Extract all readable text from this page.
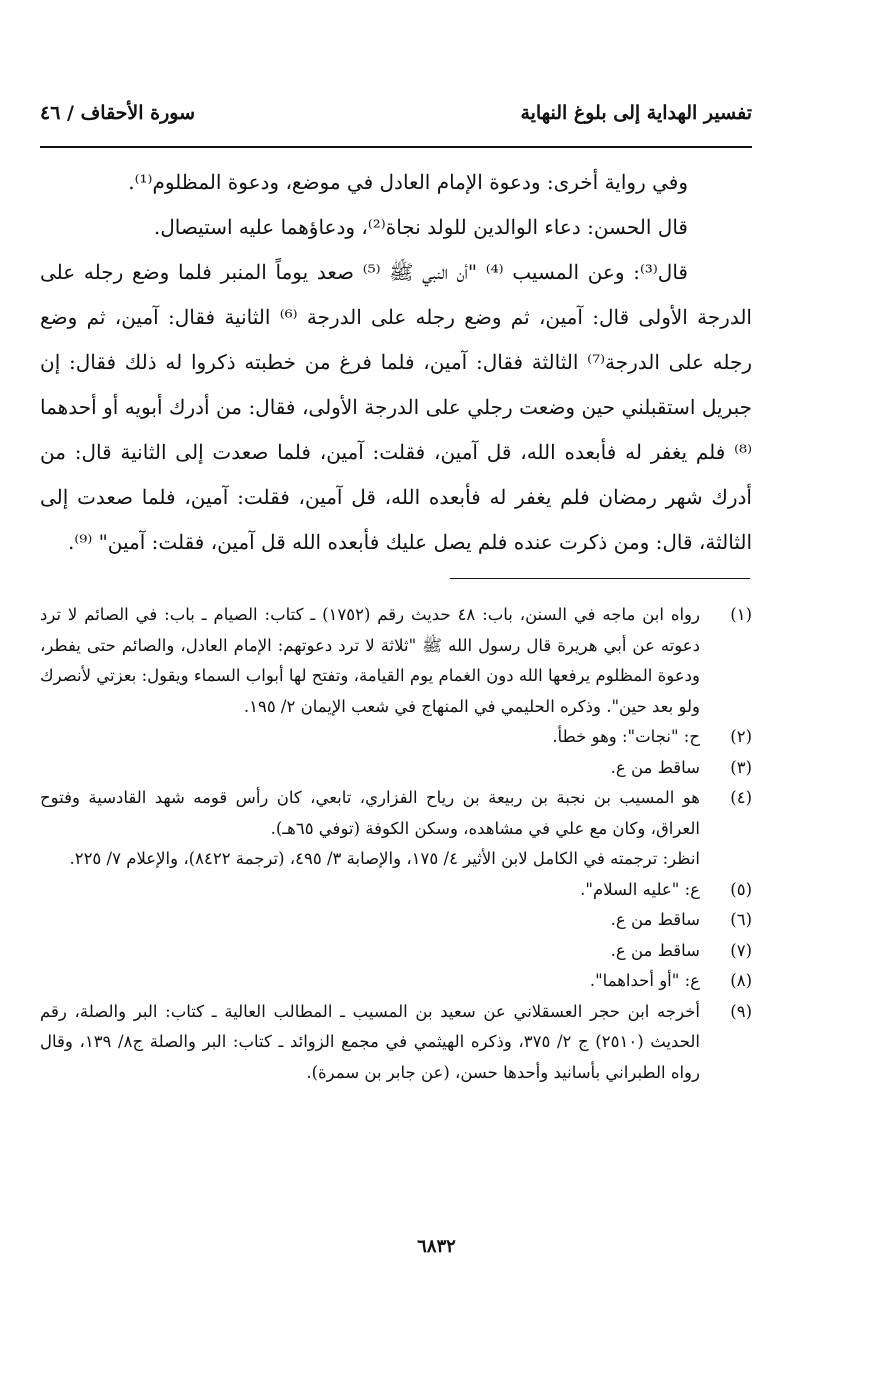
تفسير الهداية إلى بلوغ النهاية
سورة الأحقاف / ٤٦

وفي رواية أخرى: ودعوة الإمام العادل في موضع، ودعوة المظلوم⁽¹⁾.

قال الحسن: دعاء الوالدين للولد نجاة⁽²⁾، ودعاؤهما عليه استيصال.

قال⁽³⁾: وعن المسيب ⁽⁴⁾ "أن النبي ﷺ ⁽⁵⁾ صعد يوماً المنبر فلما وضع رجله على الدرجة الأولى قال: آمين، ثم وضع رجله على الدرجة ⁽⁶⁾ الثانية فقال: آمين، ثم وضع رجله على الدرجة⁽⁷⁾ الثالثة فقال: آمين، فلما فرغ من خطبته ذكروا له ذلك فقال: إن جبريل استقبلني حين وضعت رجلي على الدرجة الأولى، فقال: من أدرك أبويه أو أحدهما ⁽⁸⁾ فلم يغفر له فأبعده الله، قل آمين، فقلت: آمين، فلما صعدت إلى الثانية قال: من أدرك شهر رمضان فلم يغفر له فأبعده الله، قل آمين، فقلت: آمين، فلما صعدت إلى الثالثة، قال: ومن ذكرت عنده فلم يصل عليك فأبعده الله قل آمين، فقلت: آمين" ⁽⁹⁾.

(١)
رواه ابن ماجه في السنن، باب: ٤٨ حديث رقم (١٧٥٢) ـ كتاب: الصيام ـ باب: في الصائم لا ترد دعوته عن أبي هريرة قال رسول الله ﷺ "ثلاثة لا ترد دعوتهم: الإمام العادل، والصائم حتى يفطر، ودعوة المظلوم يرفعها الله دون الغمام يوم القيامة، وتفتح لها أبواب السماء ويقول: بعزتي لأنصرك ولو بعد حين". وذكره الحليمي في المنهاج في شعب الإيمان ٢/ ١٩٥.
(٢)
ح: "نجات": وهو خطأ.
(٣)
ساقط من ع.
(٤)
هو المسيب بن نجبة بن ربيعة بن رياح الفزاري، تابعي، كان رأس قومه شهد القادسية وفتوح العراق، وكان مع علي في مشاهده، وسكن الكوفة (توفي ٦٥هـ).
انظر: ترجمته في الكامل لابن الأثير ٤/ ١٧٥، والإصابة ٣/ ٤٩٥، (ترجمة ٨٤٢٢)، والإعلام ٧/ ٢٢٥.
(٥)
ع: "عليه السلام".
(٦)
ساقط من ع.
(٧)
ساقط من ع.
(٨)
ع: "أو أحداهما".
(٩)
أخرجه ابن حجر العسقلاني عن سعيد بن المسيب ـ المطالب العالية ـ كتاب: البر والصلة، رقم الحديث (٢٥١٠) ج ٢/ ٣٧٥، وذكره الهيثمي في مجمع الزوائد ـ كتاب: البر والصلة ج٨/ ١٣٩، وقال رواه الطبراني بأسانيد وأحدها حسن، (عن جابر بن سمرة).
٦٨٣٢
